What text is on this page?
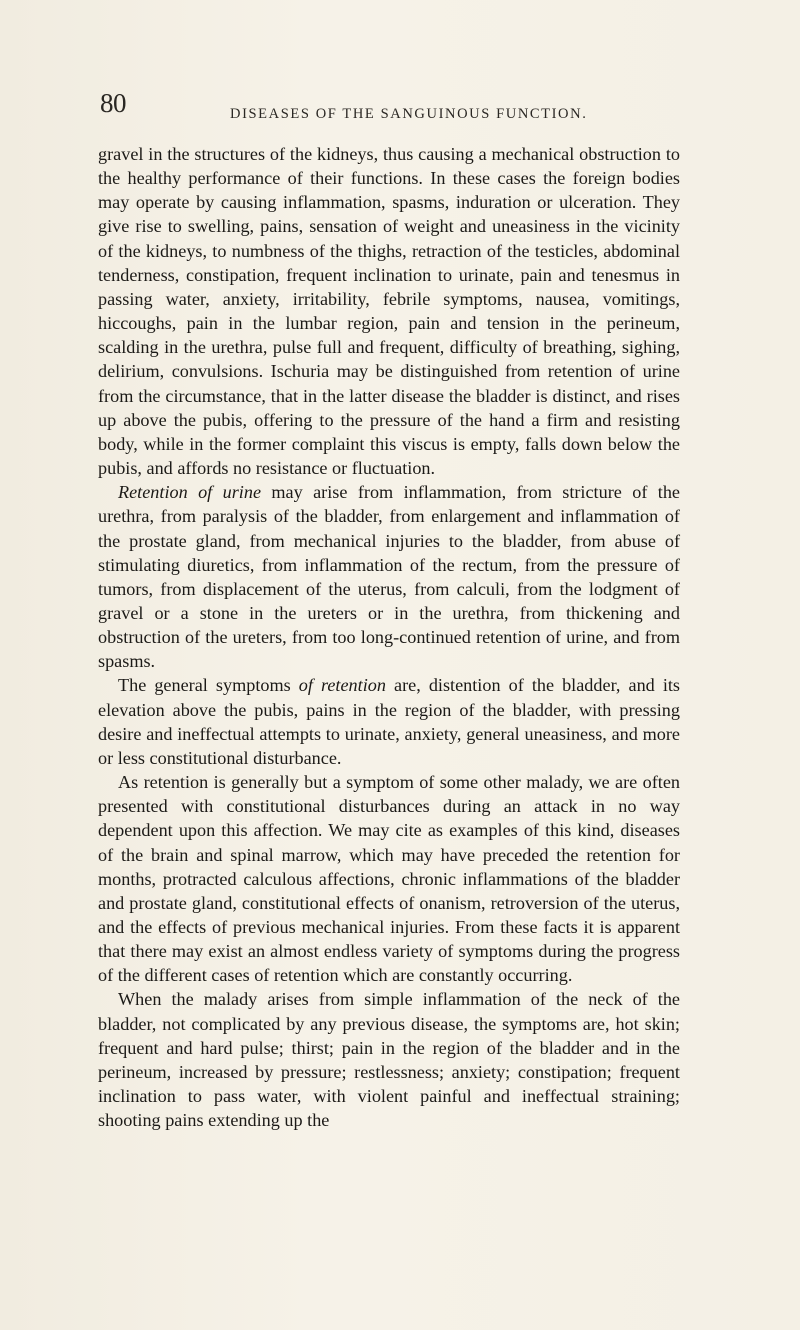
80	DISEASES OF THE SANGUINOUS FUNCTION.

gravel in the structures of the kidneys, thus causing a mechanical obstruction to the healthy performance of their functions. In these cases the foreign bodies may operate by causing inflammation, spasms, induration or ulceration. They give rise to swelling, pains, sensation of weight and uneasiness in the vicinity of the kidneys, to numbness of the thighs, retraction of the testicles, abdominal tenderness, constipation, frequent inclination to urinate, pain and tenesmus in passing water, anxiety, irritability, febrile symptoms, nausea, vomitings, hiccoughs, pain in the lumbar region, pain and tension in the perineum, scalding in the urethra, pulse full and frequent, difficulty of breathing, sighing, delirium, convulsions. Ischuria may be distinguished from retention of urine from the circumstance, that in the latter disease the bladder is distinct, and rises up above the pubis, offering to the pressure of the hand a firm and resisting body, while in the former complaint this viscus is empty, falls down below the pubis, and affords no resistance or fluctuation.

Retention of urine may arise from inflammation, from stricture of the urethra, from paralysis of the bladder, from enlargement and inflammation of the prostate gland, from mechanical injuries to the bladder, from abuse of stimulating diuretics, from inflammation of the rectum, from the pressure of tumors, from displacement of the uterus, from calculi, from the lodgment of gravel or a stone in the ureters or in the urethra, from thickening and obstruction of the ureters, from too long-continued retention of urine, and from spasms.

The general symptoms of retention are, distention of the bladder, and its elevation above the pubis, pains in the region of the bladder, with pressing desire and ineffectual attempts to urinate, anxiety, general uneasiness, and more or less constitutional disturbance.

As retention is generally but a symptom of some other malady, we are often presented with constitutional disturbances during an attack in no way dependent upon this affection. We may cite as examples of this kind, diseases of the brain and spinal marrow, which may have preceded the retention for months, protracted calculous affections, chronic inflammations of the bladder and prostate gland, constitutional effects of onanism, retroversion of the uterus, and the effects of previous mechanical injuries. From these facts it is apparent that there may exist an almost endless variety of symptoms during the progress of the different cases of retention which are constantly occurring.

When the malady arises from simple inflammation of the neck of the bladder, not complicated by any previous disease, the symptoms are, hot skin; frequent and hard pulse; thirst; pain in the region of the bladder and in the perineum, increased by pressure; restlessness; anxiety; constipation; frequent inclination to pass water, with violent painful and ineffectual straining; shooting pains extending up the
